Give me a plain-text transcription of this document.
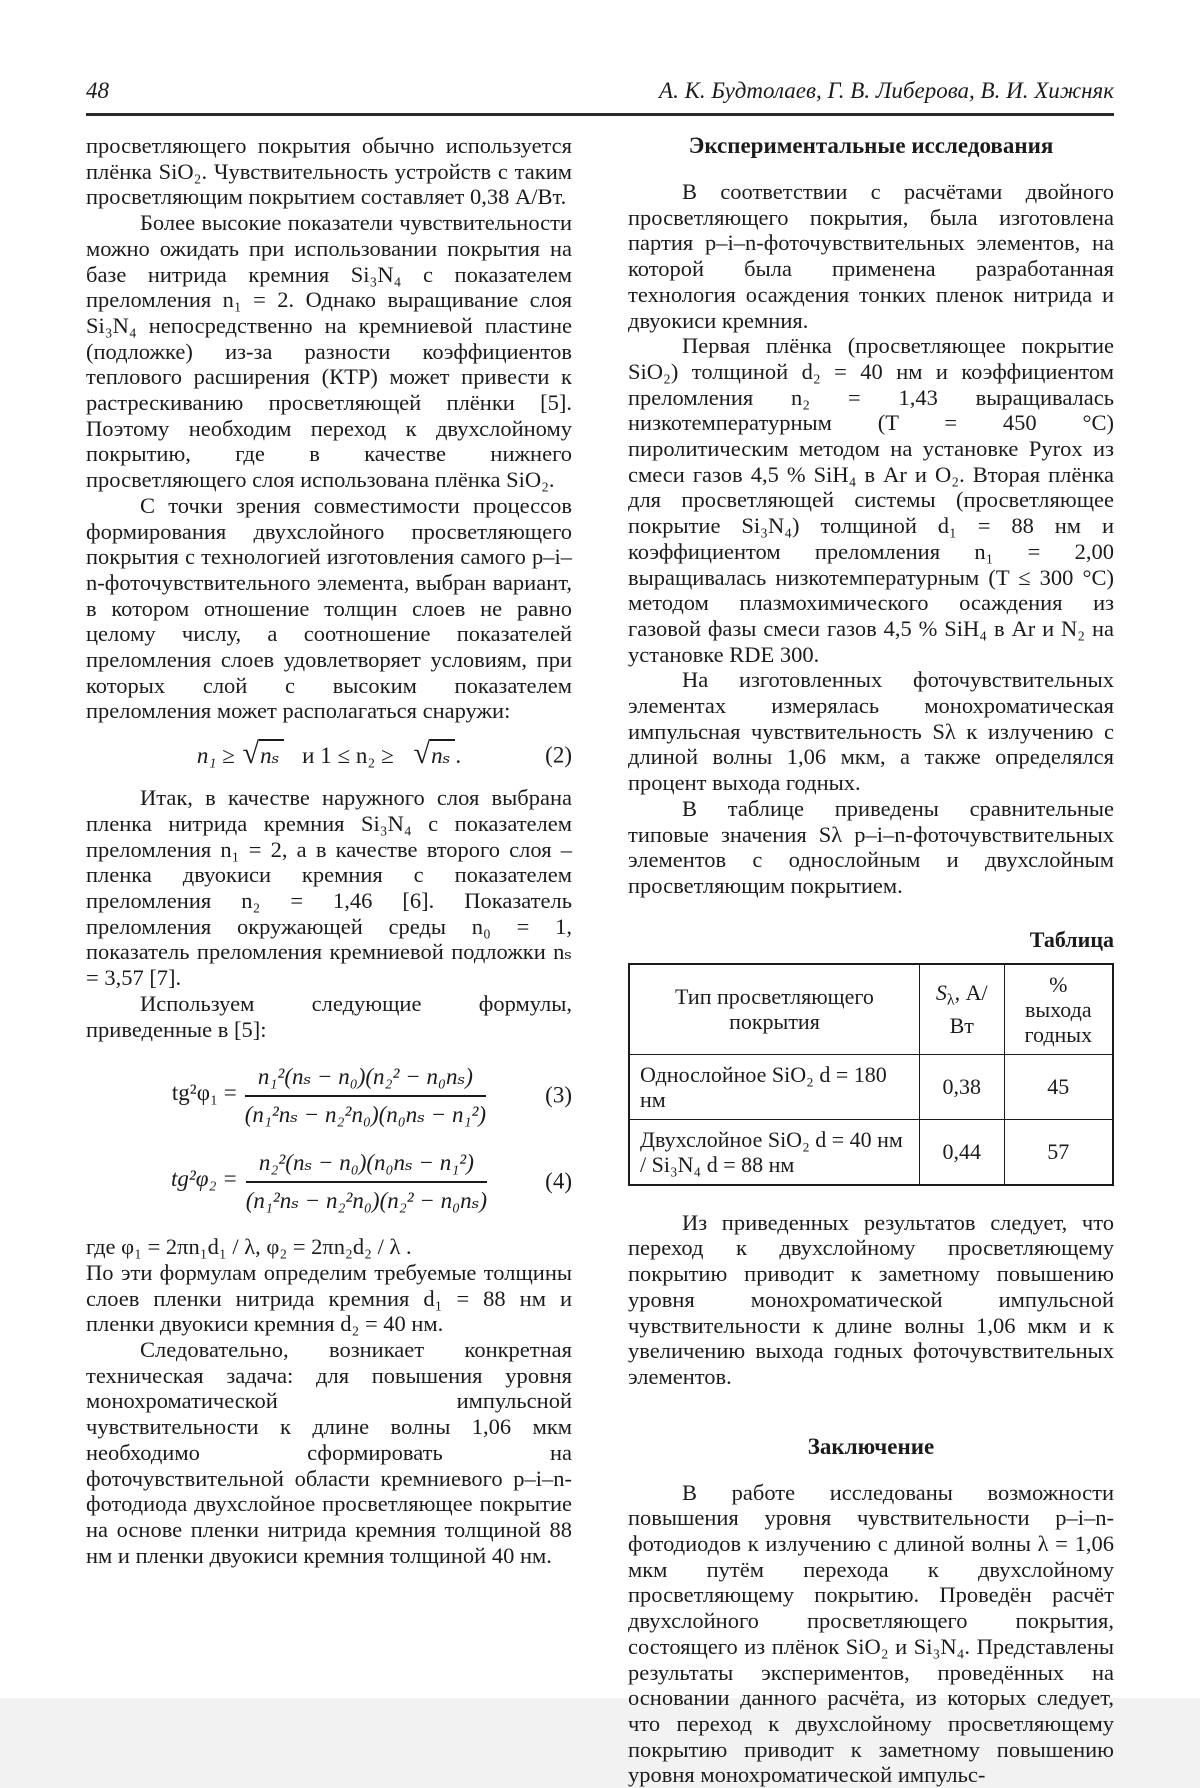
48	А. К. Будтолаев, Г. В. Либерова, В. И. Хижняк

просветляющего покрытия обычно используется плёнка SiO₂. Чувствительность устройств с таким просветляющим покрытием составляет 0,38 А/Вт.

Более высокие показатели чувствительности можно ожидать при использовании покрытия на базе нитрида кремния Si₃N₄ с показателем преломления n₁ = 2. Однако выращивание слоя Si₃N₄ непосредственно на кремниевой пластине (подложке) из-за разности коэффициентов теплового расширения (КТР) может привести к растрескиванию просветляющей плёнки [5]. Поэтому необходим переход к двухслойному покрытию, где в качестве нижнего просветляющего слоя использована плёнка SiO₂.

С точки зрения совместимости процессов формирования двухслойного просветляющего покрытия с технологией изготовления самого p–i–n-фоточувствительного элемента, выбран вариант, в котором отношение толщин слоев не равно целому числу, а соотношение показателей преломления слоев удовлетворяет условиям, при которых слой с высоким показателем преломления может располагаться снаружи:

n₁ ≥ √nₛ и 1 ≤ n₂ ≥ √nₛ .	(2)

Итак, в качестве наружного слоя выбрана пленка нитрида кремния Si₃N₄ с показателем преломления n₁ = 2, а в качестве второго слоя – пленка двуокиси кремния с показателем преломления n₂ = 1,46 [6]. Показатель преломления окружающей среды n₀ = 1, показатель преломления кремниевой подложки nₛ = 3,57 [7].

Используем следующие формулы, приведенные в [5]:

$tg^2\varphi_1 = \frac{\text{n₁²(nₛ − n₀)(n₂² − n₀nₛ)}}{\text{(n₁²nₛ − n₂²n₀)(n₀nₛ − n₁²)}}$	(3)
$tg^2\varphi_2 = \frac{\text{n₂²(nₛ − n₀)(n₀nₛ − n₁²)}}{\text{(n₁²nₛ − n₂²n₀)(n₂² − n₀nₛ)}}$	(4)

где φ₁ = 2πn₁d₁ / λ, φ₂ = 2πn₂d₂ / λ .

По эти формулам определим требуемые толщины слоев пленки нитрида кремния d₁ = 88 нм и пленки двуокиси кремния d₂ = 40 нм.

Следовательно, возникает конкретная техническая задача: для повышения уровня монохроматической импульсной чувствительности к длине волны 1,06 мкм необходимо сформировать на фоточувствительной области кремниевого p–i–n-фотодиода двухслойное просветляющее покрытие на основе пленки нитрида кремния толщиной 88 нм и пленки двуокиси кремния толщиной 40 нм.

Экспериментальные исследования

В соответствии с расчётами двойного просветляющего покрытия, была изготовлена партия p–i–n-фоточувствительных элементов, на которой была применена разработанная технология осаждения тонких пленок нитрида и двуокиси кремния.

Первая плёнка (просветляющее покрытие SiO₂) толщиной d₂ = 40 нм и коэффициентом преломления n₂ = 1,43 выращивалась низкотемпературным (T = 450 °С) пиролитическим методом на установке Pyrox из смеси газов 4,5 % SiH₄ в Ar и O₂. Вторая плёнка для просветляющей системы (просветляющее покрытие Si₃N₄) толщиной d₁ = 88 нм и коэффициентом преломления n₁ = 2,00 выращивалась низкотемпературным (T ≤ 300 °С) методом плазмохимического осаждения из газовой фазы смеси газов 4,5 % SiH₄ в Ar и N₂ на установке RDE 300.

На изготовленных фоточувствительных элементах измерялась монохроматическая импульсная чувствительность Sλ к излучению с длиной волны 1,06 мкм, а также определялся процент выхода годных.

В таблице приведены сравнительные типовые значения Sλ p–i–n-фоточувствительных элементов с однослойным и двухслойным просветляющим покрытием.

Таблица
Тип просветляющего покрытия	$S_\lambda$, А/Вт	% выхода годных
Однослойное SiO₂ d = 180 нм	0,38	45
Двухслойное SiO₂ d = 40 нм / Si₃N₄ d = 88 нм	0,44	57

Из приведенных результатов следует, что переход к двухслойному просветляющему покрытию приводит к заметному повышению уровня монохроматической импульсной чувствительности к длине волны 1,06 мкм и к увеличению выхода годных фоточувствительных элементов.

Заключение

В работе исследованы возможности повышения уровня чувствительности p–i–n-фотодиодов к излучению с длиной волны λ = 1,06 мкм путём перехода к двухслойному просветляющему покрытию. Проведён расчёт двухслойного просветляющего покрытия, состоящего из плёнок SiO₂ и Si₃N₄. Представлены результаты экспериментов, проведённых на основании данного расчёта, из которых следует, что переход к двухслойному просветляющему покрытию приводит к заметному повышению уровня монохроматической импульс-
